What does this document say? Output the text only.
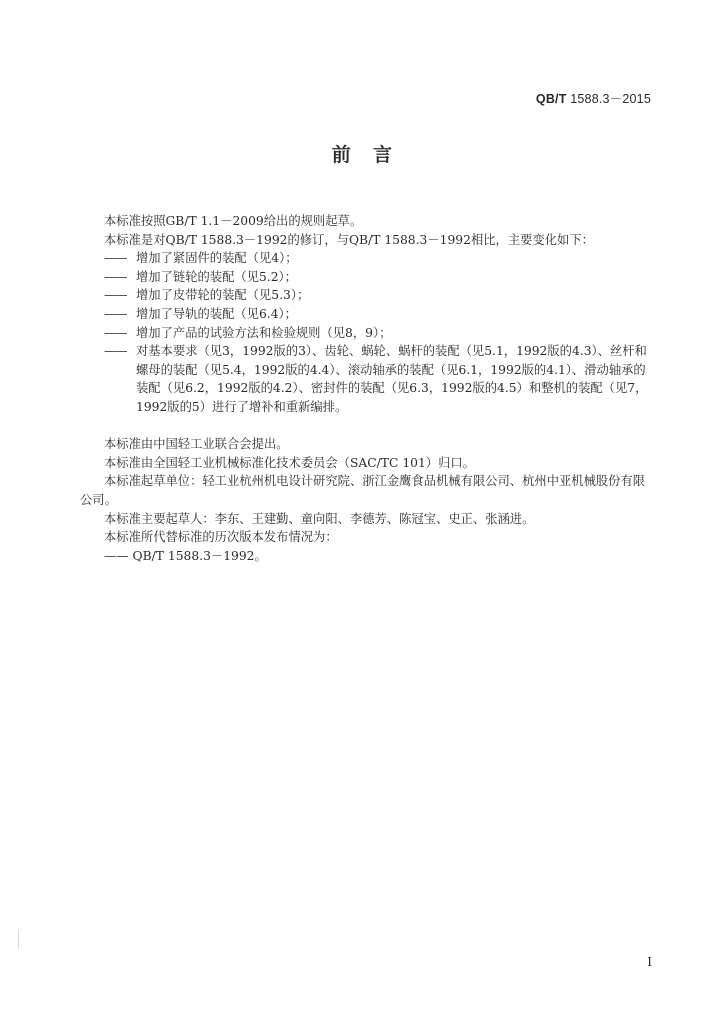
QB/T 1588.3－2015
前 言

本标准按照GB/T 1.1－2009给出的规则起草。

本标准是对QB/T 1588.3－1992的修订，与QB/T 1588.3－1992相比，主要变化如下：

—— 增加了紧固件的装配（见4）；

—— 增加了链轮的装配（见5.2）；

—— 增加了皮带轮的装配（见5.3）；

—— 增加了导轨的装配（见6.4）；

—— 增加了产品的试验方法和检验规则（见8，9）；

—— 对基本要求（见3，1992版的3）、齿轮、蜗轮、蜗杆的装配（见5.1，1992版的4.3）、丝杆和螺母的装配（见5.4，1992版的4.4）、滚动轴承的装配（见6.1，1992版的4.1）、滑动轴承的装配（见6.2，1992版的4.2）、密封件的装配（见6.3，1992版的4.5）和整机的装配（见7，1992版的5）进行了增补和重新编排。

本标准由中国轻工业联合会提出。

本标准由全国轻工业机械标准化技术委员会（SAC/TC 101）归口。

本标准起草单位：轻工业杭州机电设计研究院、浙江金鹰食品机械有限公司、杭州中亚机械股份有限公司。

本标准主要起草人：李东、王建勤、童向阳、李德芳、陈冠宝、史正、张涵进。

本标准所代替标准的历次版本发布情况为：

—— QB/T 1588.3－1992。

I
